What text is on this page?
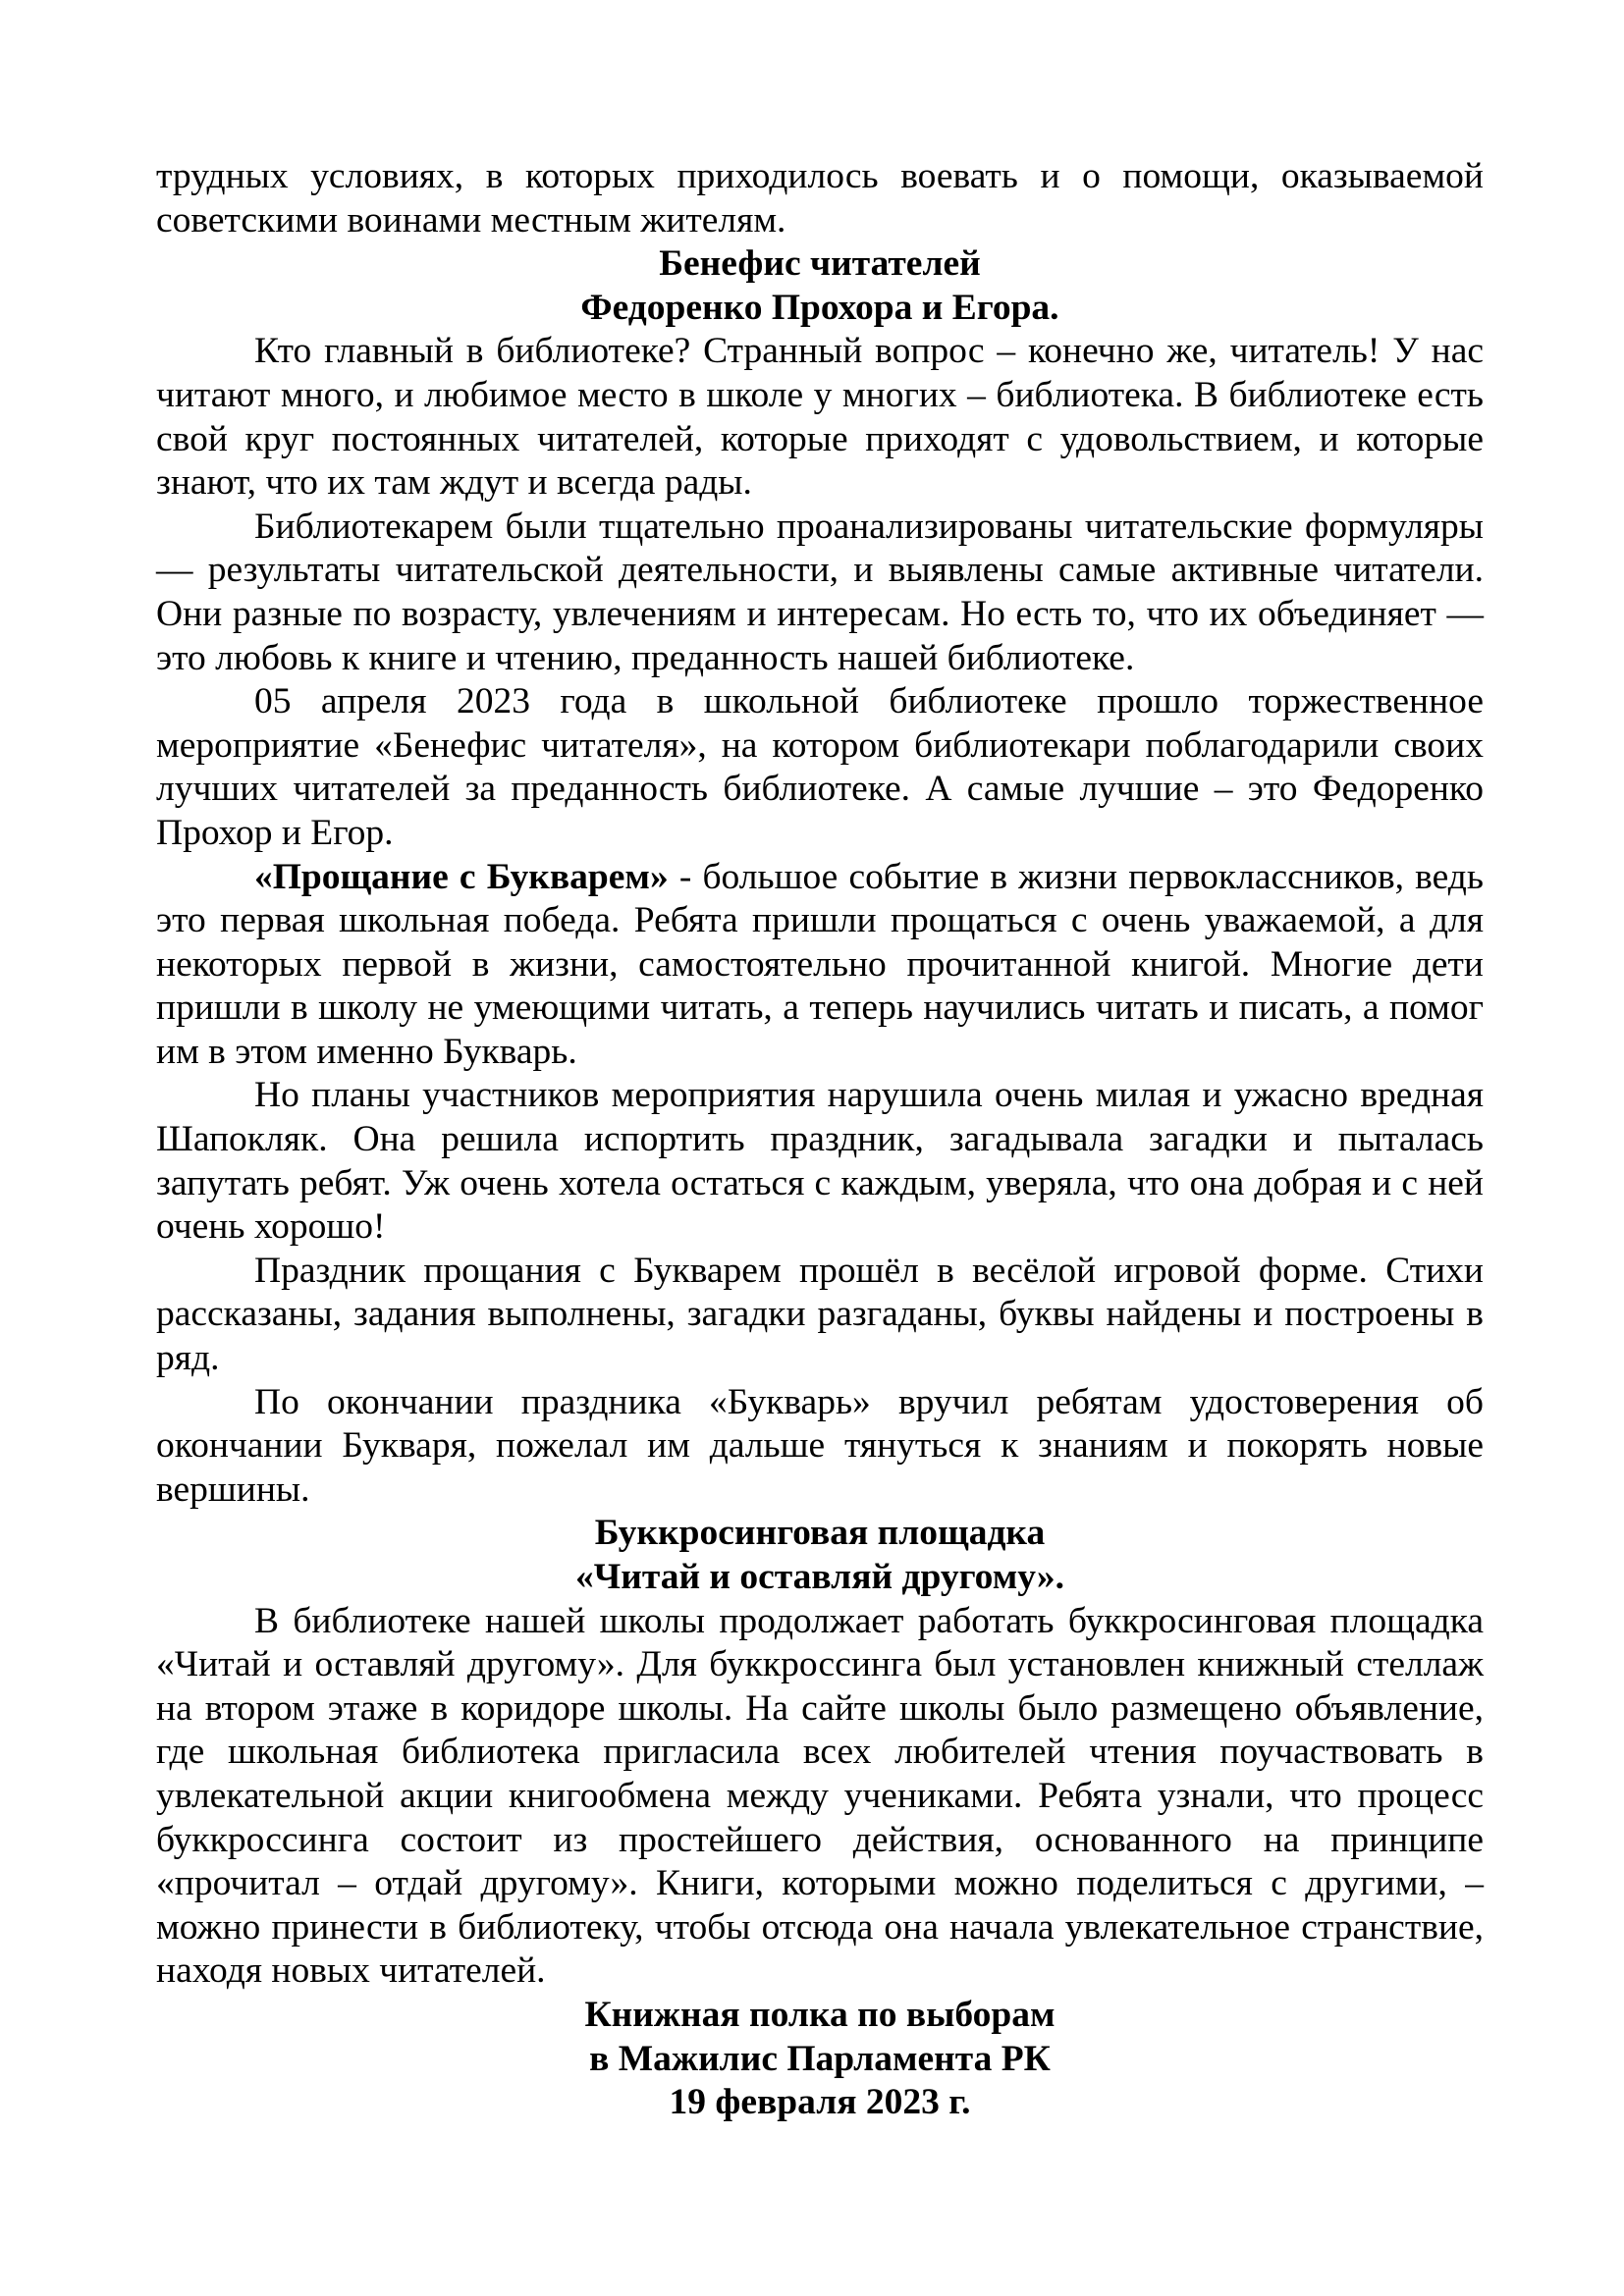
трудных условиях, в которых приходилось воевать и о помощи, оказываемой советскими воинами местным жителям.

Бенефис читателей
Федоренко Прохора и Егора.

Кто главный в библиотеке? Странный вопрос – конечно же, читатель! У нас читают много, и любимое место в школе у многих – библиотека. В библиотеке есть свой круг постоянных читателей, которые приходят с удовольствием, и которые знают, что их там ждут и всегда рады.

Библиотекарем были тщательно проанализированы читательские формуляры — результаты читательской деятельности, и выявлены самые активные читатели. Они разные по возрасту, увлечениям и интересам. Но есть то, что их объединяет — это любовь к книге и чтению, преданность нашей библиотеке.

05 апреля 2023 года в школьной библиотеке прошло торжественное мероприятие «Бенефис читателя», на котором библиотекари поблагодарили своих лучших читателей за преданность библиотеке. А самые лучшие – это Федоренко Прохор и Егор.

«Прощание с Букварем» - большое событие в жизни первоклассников, ведь это первая школьная победа. Ребята пришли прощаться с очень уважаемой, а для некоторых первой в жизни, самостоятельно прочитанной книгой. Многие дети пришли в школу не умеющими читать, а теперь научились читать и писать, а помог им в этом именно Букварь.

Но планы участников мероприятия нарушила очень милая и ужасно вредная Шапокляк. Она решила испортить праздник, загадывала загадки и пыталась запутать ребят. Уж очень хотела остаться с каждым, уверяла, что она добрая и с ней очень хорошо!

Праздник прощания с Букварем прошёл в весёлой игровой форме. Стихи рассказаны, задания выполнены, загадки разгаданы, буквы найдены и построены в ряд.

По окончании праздника «Букварь» вручил ребятам удостоверения об окончании Букваря, пожелал им дальше тянуться к знаниям и покорять новые вершины.

Буккросинговая площадка
«Читай и оставляй другому».

В библиотеке нашей школы продолжает работать буккросинговая площадка «Читай и оставляй другому». Для буккроссинга был установлен книжный стеллаж на втором этаже в коридоре школы. На сайте школы было размещено объявление, где школьная библиотека пригласила всех любителей чтения поучаствовать в увлекательной акции книгообмена между учениками. Ребята узнали, что процесс буккроссинга состоит из простейшего действия, основанного на принципе «прочитал – отдай другому». Книги, которыми можно поделиться с другими, – можно принести в библиотеку, чтобы отсюда она начала увлекательное странствие, находя новых читателей.

Книжная полка по выборам
в Мажилис Парламента РК
19 февраля 2023 г.
